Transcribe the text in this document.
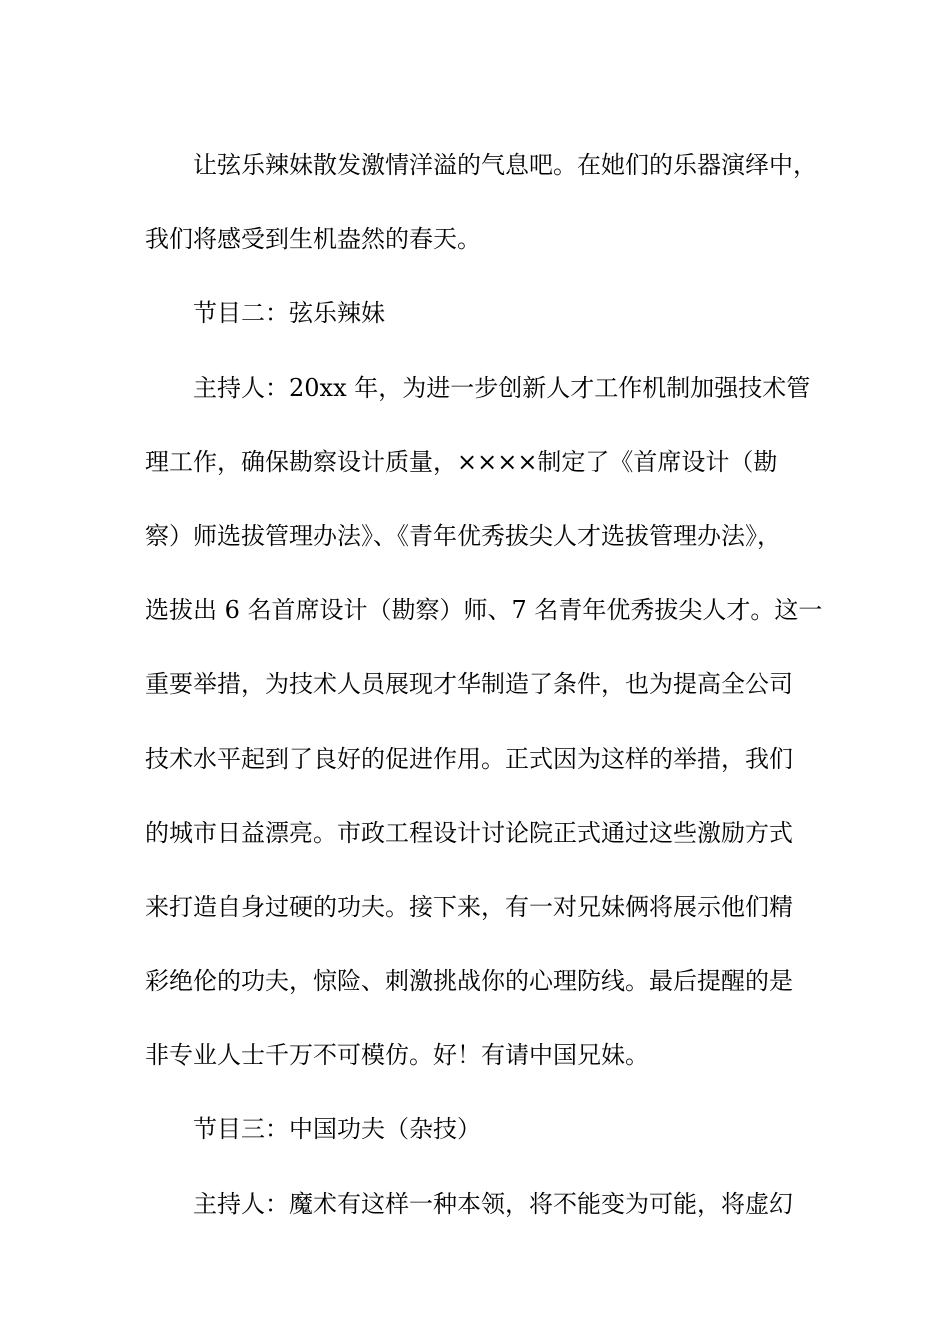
让弦乐辣妹散发激情洋溢的气息吧。在她们的乐器演绎中，
我们将感受到生机盎然的春天。
节目二：弦乐辣妹
主持人：20xx 年，为进一步创新人才工作机制加强技术管
理工作，确保勘察设计质量，××××制定了《首席设计（勘
察）师选拔管理办法》、《青年优秀拔尖人才选拔管理办法》，
选拔出 6 名首席设计（勘察）师、7 名青年优秀拔尖人才。这一
重要举措，为技术人员展现才华制造了条件，也为提高全公司
技术水平起到了良好的促进作用。正式因为这样的举措，我们
的城市日益漂亮。市政工程设计讨论院正式通过这些激励方式
来打造自身过硬的功夫。接下来，有一对兄妹俩将展示他们精
彩绝伦的功夫，惊险、刺激挑战你的心理防线。最后提醒的是
非专业人士千万不可模仿。好！有请中国兄妹。
节目三：中国功夫（杂技）
主持人：魔术有这样一种本领，将不能变为可能，将虚幻
